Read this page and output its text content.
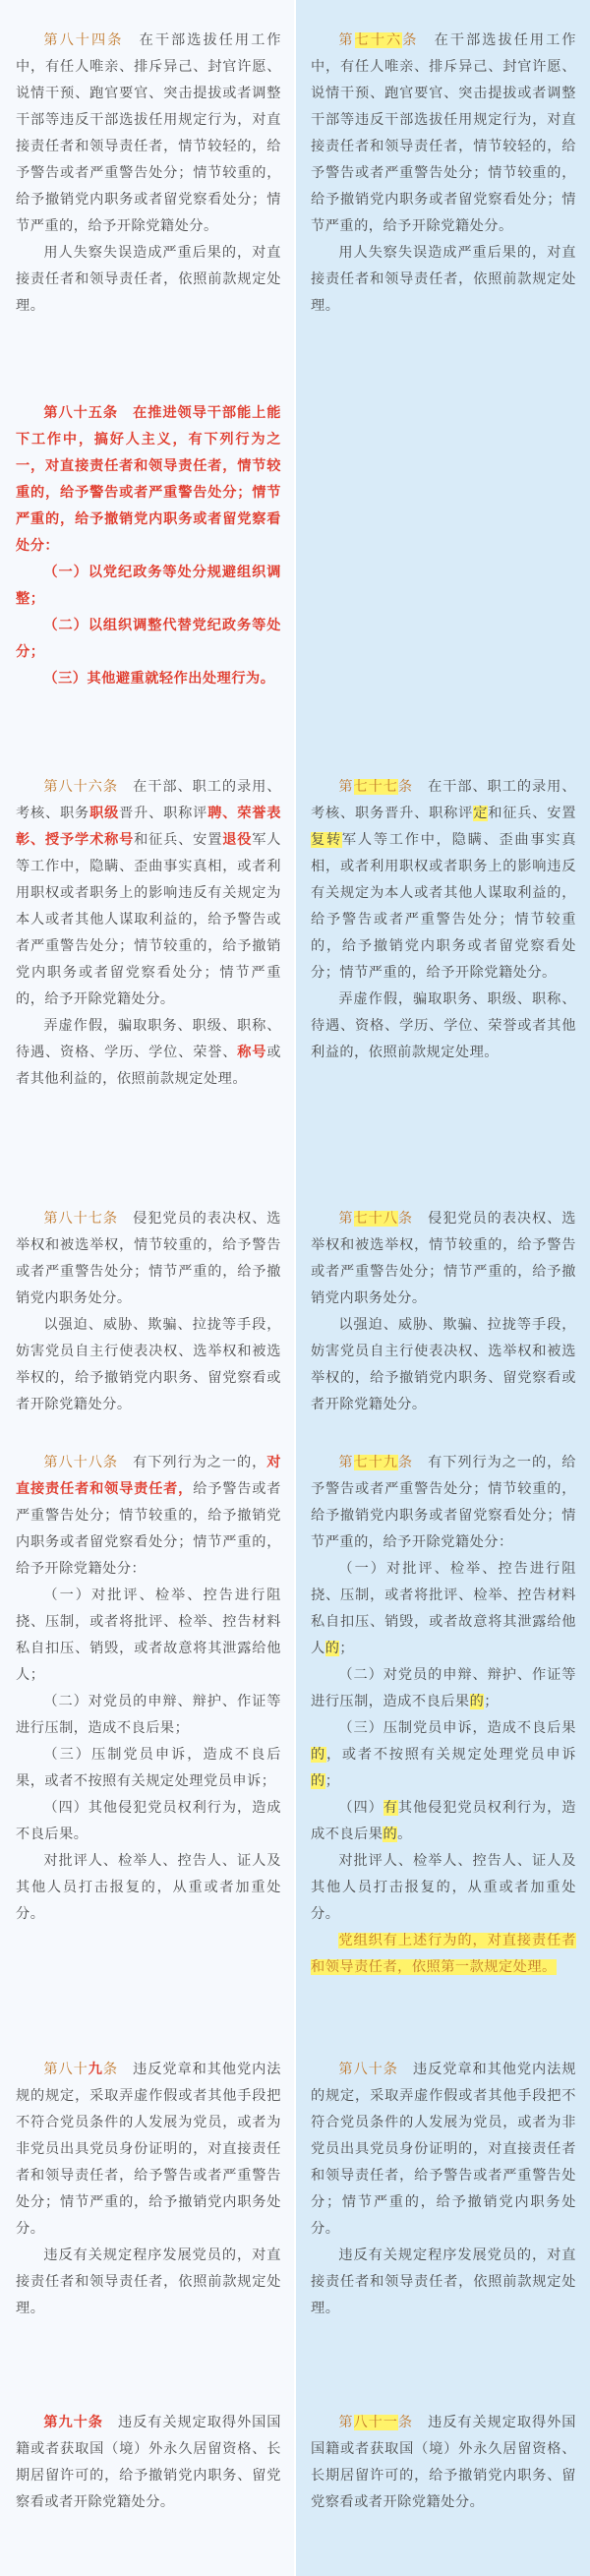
第八十四条　 在干部选拔任用工作中，有任人唯亲、排斥异己、封官许愿、说情干预、跑官要官、突击提拔或者调整干部等违反干部选拔任用规定行为，对直接责任者和领导责任者，情节较轻的，给予警告或者严重警告处分；情节较重的，给予撤销党内职务或者留党察看处分；情节严重的，给予开除党籍处分。

用人失察失误造成严重后果的，对直接责任者和领导责任者，依照前款规定处理。

第七十六条　 在干部选拔任用工作中，有任人唯亲、排斥异己、封官许愿、说情干预、跑官要官、突击提拔或者调整干部等违反干部选拔任用规定行为，对直接责任者和领导责任者，情节较轻的，给予警告或者严重警告处分；情节较重的，给予撤销党内职务或者留党察看处分；情节严重的，给予开除党籍处分。

用人失察失误造成严重后果的，对直接责任者和领导责任者，依照前款规定处理。

第八十五条　在推进领导干部能上能下工作中，搞好人主义，有下列行为之一，对直接责任者和领导责任者，情节较重的，给予警告或者严重警告处分；情节严重的，给予撤销党内职务或者留党察看处分：

（一）以党纪政务等处分规避组织调整；

（二）以组织调整代替党纪政务等处分；

（三）其他避重就轻作出处理行为。

第八十六条　 在干部、职工的录用、考核、职务职级晋升、职称评聘、荣誉表彰、授予学术称号和征兵、安置退役军人等工作中，隐瞒、歪曲事实真相，或者利用职权或者职务上的影响违反有关规定为本人或者其他人谋取利益的，给予警告或者严重警告处分；情节较重的，给予撤销党内职务或者留党察看处分；情节严重的，给予开除党籍处分。

弄虚作假，骗取职务、职级、职称、待遇、资格、学历、学位、荣誉、称号或者其他利益的，依照前款规定处理。

第七十七条　 在干部、职工的录用、考核、职务晋升、职称评定和征兵、安置复转军人等工作中，隐瞒、歪曲事实真相，或者利用职权或者职务上的影响违反有关规定为本人或者其他人谋取利益的，给予警告或者严重警告处分；情节较重的，给予撤销党内职务或者留党察看处分；情节严重的，给予开除党籍处分。

弄虚作假，骗取职务、职级、职称、待遇、资格、学历、学位、荣誉或者其他利益的，依照前款规定处理。

第八十七条　 侵犯党员的表决权、选举权和被选举权，情节较重的，给予警告或者严重警告处分；情节严重的，给予撤销党内职务处分。

以强迫、威胁、欺骗、拉拢等手段，妨害党员自主行使表决权、选举权和被选举权的，给予撤销党内职务、留党察看或者开除党籍处分。

第七十八条　 侵犯党员的表决权、选举权和被选举权，情节较重的，给予警告或者严重警告处分；情节严重的，给予撤销党内职务处分。

以强迫、威胁、欺骗、拉拢等手段，妨害党员自主行使表决权、选举权和被选举权的，给予撤销党内职务、留党察看或者开除党籍处分。

第八十八条　 有下列行为之一的，对直接责任者和领导责任者，给予警告或者严重警告处分；情节较重的，给予撤销党内职务或者留党察看处分；情节严重的，给予开除党籍处分：

（一）对批评、检举、控告进行阻挠、压制，或者将批评、检举、控告材料私自扣压、销毁，或者故意将其泄露给他人；

（二）对党员的申辩、辩护、作证等进行压制，造成不良后果；

（三）压制党员申诉，造成不良后果，或者不按照有关规定处理党员申诉；

（四）其他侵犯党员权利行为，造成不良后果。

对批评人、检举人、控告人、证人及其他人员打击报复的，从重或者加重处分。

第七十九条　 有下列行为之一的，给予警告或者严重警告处分；情节较重的，给予撤销党内职务或者留党察看处分；情节严重的，给予开除党籍处分：

（一）对批评、检举、控告进行阻挠、压制，或者将批评、检举、控告材料私自扣压、销毁，或者故意将其泄露给他人的；

（二）对党员的申辩、辩护、作证等进行压制，造成不良后果的；

（三）压制党员申诉，造成不良后果的，或者不按照有关规定处理党员申诉的；

（四）有其他侵犯党员权利行为，造成不良后果的。

对批评人、检举人、控告人、证人及其他人员打击报复的，从重或者加重处分。

党组织有上述行为的，对直接责任者和领导责任者，依照第一款规定处理。

第八十九条　 违反党章和其他党内法规的规定，采取弄虚作假或者其他手段把不符合党员条件的人发展为党员，或者为非党员出具党员身份证明的，对直接责任者和领导责任者，给予警告或者严重警告处分；情节严重的，给予撤销党内职务处分。

违反有关规定程序发展党员的，对直接责任者和领导责任者，依照前款规定处理。

第八十条　 违反党章和其他党内法规的规定，采取弄虚作假或者其他手段把不符合党员条件的人发展为党员，或者为非党员出具党员身份证明的，对直接责任者和领导责任者，给予警告或者严重警告处分；情节严重的，给予撤销党内职务处分。

违反有关规定程序发展党员的，对直接责任者和领导责任者，依照前款规定处理。

第九十条　 违反有关规定取得外国国籍或者获取国（境）外永久居留资格、长期居留许可的，给予撤销党内职务、留党察看或者开除党籍处分。

第八十一条　 违反有关规定取得外国国籍或者获取国（境）外永久居留资格、长期居留许可的，给予撤销党内职务、留党察看或者开除党籍处分。
